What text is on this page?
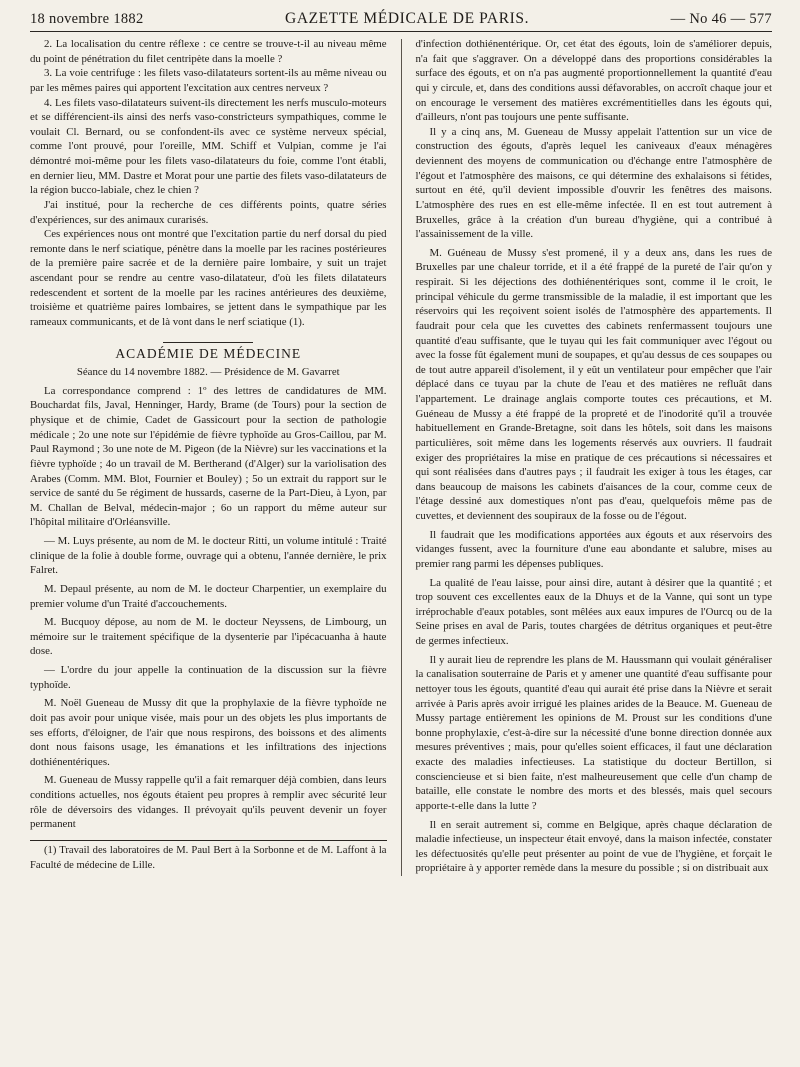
18 novembre 1882	GAZETTE MÉDICALE DE PARIS.	— No 46 — 577

2. La localisation du centre réflexe : ce centre se trouve-t-il au niveau même du point de pénétration du filet centripète dans la moelle ?

3. La voie centrifuge : les filets vaso-dilatateurs sortent-ils au même niveau ou par les mêmes paires qui apportent l'excitation aux centres nerveux ?

4. Les filets vaso-dilatateurs suivent-ils directement les nerfs musculo-moteurs et se différencient-ils ainsi des nerfs vaso-constricteurs sympathiques, comme le voulait Cl. Bernard, ou se confondent-ils avec ce système nerveux spécial, comme l'ont prouvé, pour l'oreille, MM. Schiff et Vulpian, comme je l'ai démontré moi-même pour les filets vaso-dilatateurs du foie, comme l'ont établi, en dernier lieu, MM. Dastre et Morat pour une partie des filets vaso-dilatateurs de la région bucco-labiale, chez le chien ?

J'ai institué, pour la recherche de ces différents points, quatre séries d'expériences, sur des animaux curarisés.

Ces expériences nous ont montré que l'excitation partie du nerf dorsal du pied remonte dans le nerf sciatique, pénètre dans la moelle par les racines postérieures de la première paire sacrée et de la dernière paire lombaire, y suit un trajet ascendant pour se rendre au centre vaso-dilatateur, d'où les filets dilatateurs redescendent et sortent de la moelle par les racines antérieures des deuxième, troisième et quatrième paires lombaires, se jettent dans le sympathique par les rameaux communicants, et de là vont dans le nerf sciatique (1).

ACADÉMIE DE MÉDECINE

Séance du 14 novembre 1882. — Présidence de M. Gavarret

La correspondance comprend : 1º des lettres de candidatures de MM. Bouchardat fils, Javal, Henninger, Hardy, Brame (de Tours) pour la section de physique et de chimie, Cadet de Gassicourt pour la section de pathologie médicale ; 2o une note sur l'épidémie de fièvre typhoïde au Gros-Caillou, par M. Paul Raymond ; 3o une note de M. Pigeon (de la Nièvre) sur les vaccinations et la fièvre typhoïde ; 4o un travail de M. Bertherand (d'Alger) sur la variolisation des Arabes (Comm. MM. Blot, Fournier et Bouley) ; 5o un extrait du rapport sur le service de santé du 5e régiment de hussards, caserne de la Part-Dieu, à Lyon, par M. Challan de Belval, médecin-major ; 6o un rapport du même auteur sur l'hôpital militaire d'Orléansville.

— M. Luys présente, au nom de M. le docteur Ritti, un volume intitulé : Traité clinique de la folie à double forme, ouvrage qui a obtenu, l'année dernière, le prix Falret.

M. Depaul présente, au nom de M. le docteur Charpentier, un exemplaire du premier volume d'un Traité d'accouchements.

M. Bucquoy dépose, au nom de M. le docteur Neyssens, de Limbourg, un mémoire sur le traitement spécifique de la dysenterie par l'ipécacuanha à haute dose.

— L'ordre du jour appelle la continuation de la discussion sur la fièvre typhoïde.

M. Noël Gueneau de Mussy dit que la prophylaxie de la fièvre typhoïde ne doit pas avoir pour unique visée, mais pour un des objets les plus importants de ses efforts, d'éloigner, de l'air que nous respirons, des boissons et des aliments dont nous faisons usage, les émanations et les infiltrations des injections dothiénentériques.

M. Gueneau de Mussy rappelle qu'il a fait remarquer déjà combien, dans leurs conditions actuelles, nos égouts étaient peu propres à remplir avec sécurité leur rôle de déversoirs des vidanges. Il prévoyait qu'ils peuvent devenir un foyer permanent

(1) Travail des laboratoires de M. Paul Bert à la Sorbonne et de M. Laffont à la Faculté de médecine de Lille.

d'infection dothiénentérique. Or, cet état des égouts, loin de s'améliorer depuis, n'a fait que s'aggraver. On a développé dans des proportions considérables la surface des égouts, et on n'a pas augmenté proportionnellement la quantité d'eau qui y circule, et, dans des conditions aussi défavorables, on accroît chaque jour et on encourage le versement des matières excrémentitielles dans les égouts qui, d'ailleurs, n'ont pas toujours une pente suffisante.

Il y a cinq ans, M. Gueneau de Mussy appelait l'attention sur un vice de construction des égouts, d'après lequel les caniveaux d'eaux ménagères deviennent des moyens de communication ou d'échange entre l'atmosphère de l'égout et l'atmosphère des maisons, ce qui détermine des exhalaisons si fétides, surtout en été, qu'il devient impossible d'ouvrir les fenêtres des maisons. L'atmosphère des rues en est elle-même infectée. Il en est tout autrement à Bruxelles, grâce à la création d'un bureau d'hygiène, qui a contribué à l'assainissement de la ville.

M. Guéneau de Mussy s'est promené, il y a deux ans, dans les rues de Bruxelles par une chaleur torride, et il a été frappé de la pureté de l'air qu'on y respirait. Si les déjections des dothiénentériques sont, comme il le croit, le principal véhicule du germe transmissible de la maladie, il est important que les réservoirs qui les reçoivent soient isolés de l'atmosphère des appartements. Il faudrait pour cela que les cuvettes des cabinets renfermassent toujours une quantité d'eau suffisante, que le tuyau qui les fait communiquer avec l'égout ou avec la fosse fût également muni de soupapes, et qu'au dessus de ces soupapes ou de tout autre appareil d'isolement, il y eût un ventilateur pour empêcher que l'air déplacé dans ce tuyau par la chute de l'eau et des matières ne refluât dans l'appartement. Le drainage anglais comporte toutes ces précautions, et M. Guéneau de Mussy a été frappé de la propreté et de l'inodorité qu'il a trouvée habituellement en Grande-Bretagne, soit dans les hôtels, soit dans les maisons particulières, soit même dans les logements réservés aux ouvriers. Il faudrait exiger des propriétaires la mise en pratique de ces précautions si nécessaires et qui sont réalisées dans d'autres pays ; il faudrait les exiger à tous les étages, car dans beaucoup de maisons les cabinets d'aisances de la cour, comme ceux de l'étage dessiné aux domestiques n'ont pas d'eau, quelquefois même pas de cuvettes, et deviennent des soupiraux de la fosse ou de l'égout.

Il faudrait que les modifications apportées aux égouts et aux réservoirs des vidanges fussent, avec la fourniture d'une eau abondante et salubre, mises au premier rang parmi les dépenses publiques.

La qualité de l'eau laisse, pour ainsi dire, autant à désirer que la quantité ; et trop souvent ces excellentes eaux de la Dhuys et de la Vanne, qui sont un type irréprochable d'eaux potables, sont mêlées aux eaux impures de l'Ourcq ou de la Seine prises en aval de Paris, toutes chargées de détritus organiques et peut-être de germes infectieux.

Il y aurait lieu de reprendre les plans de M. Haussmann qui voulait généraliser la canalisation souterraine de Paris et y amener une quantité d'eau suffisante pour nettoyer tous les égouts, quantité d'eau qui aurait été prise dans la Nièvre et serait arrivée à Paris après avoir irrigué les plaines arides de la Beauce. M. Gueneau de Mussy partage entièrement les opinions de M. Proust sur les conditions d'une bonne prophylaxie, c'est-à-dire sur la nécessité d'une bonne direction donnée aux mesures préventives ; mais, pour qu'elles soient efficaces, il faut une déclaration exacte des maladies infectieuses. La statistique du docteur Bertillon, si consciencieuse et si bien faite, n'est malheureusement que celle d'un champ de bataille, elle constate le nombre des morts et des blessés, mais quel secours apporte-t-elle dans la lutte ?

Il en serait autrement si, comme en Belgique, après chaque déclaration de maladie infectieuse, un inspecteur était envoyé, dans la maison infectée, constater les défectuosités qu'elle peut présenter au point de vue de l'hygiène, et forçait le propriétaire à y apporter remède dans la mesure du possible ; si on distribuait aux
